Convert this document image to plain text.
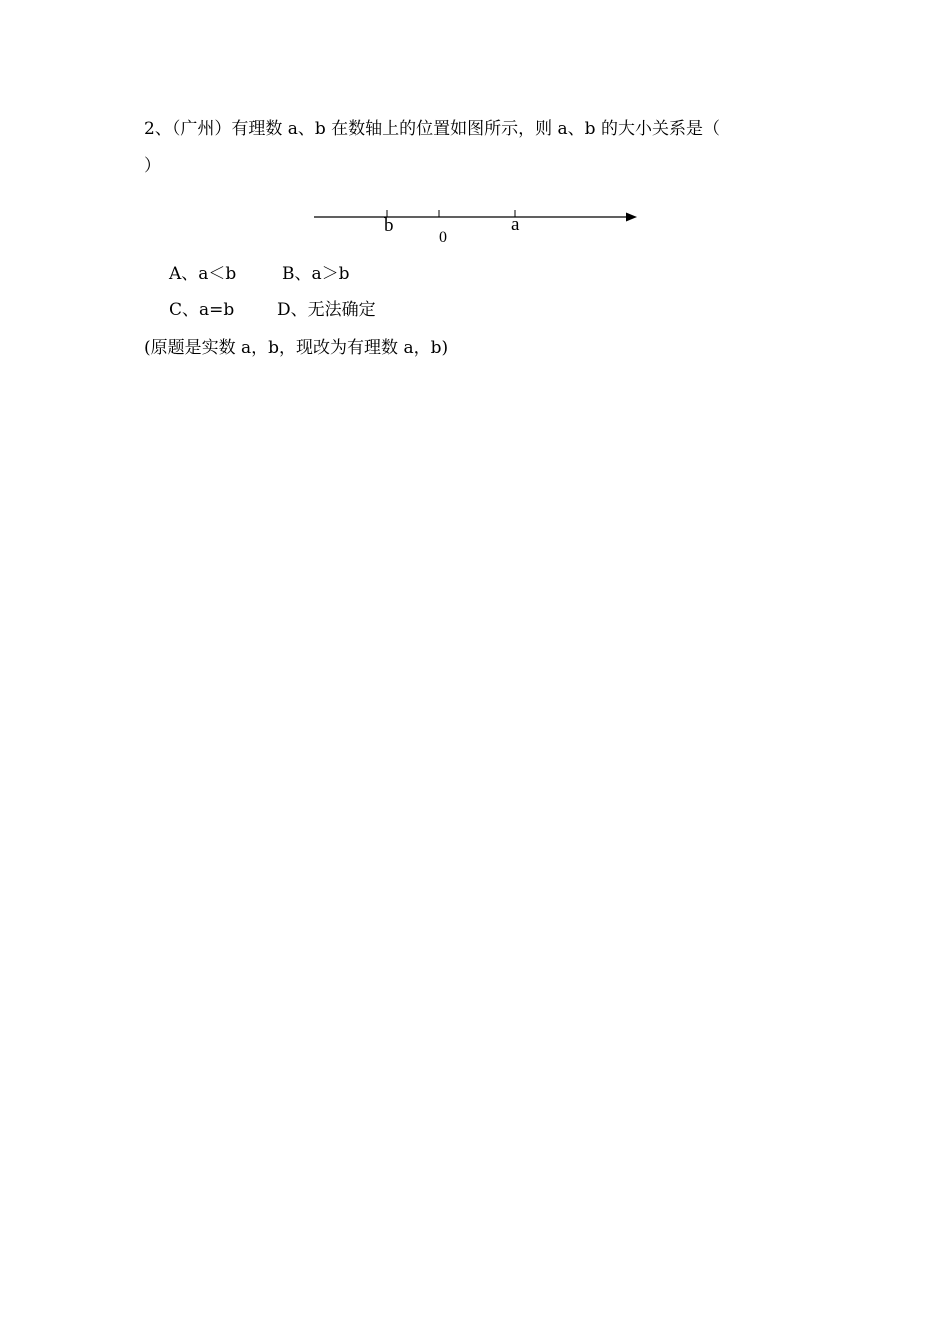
2、（广州）有理数 a、b 在数轴上的位置如图所示，则 a、b 的大小关系是（
）
b
0
a
A、a＜b	B、a＞b
C、a=b	D、无法确定
(原题是实数 a，b，现改为有理数 a，b)
